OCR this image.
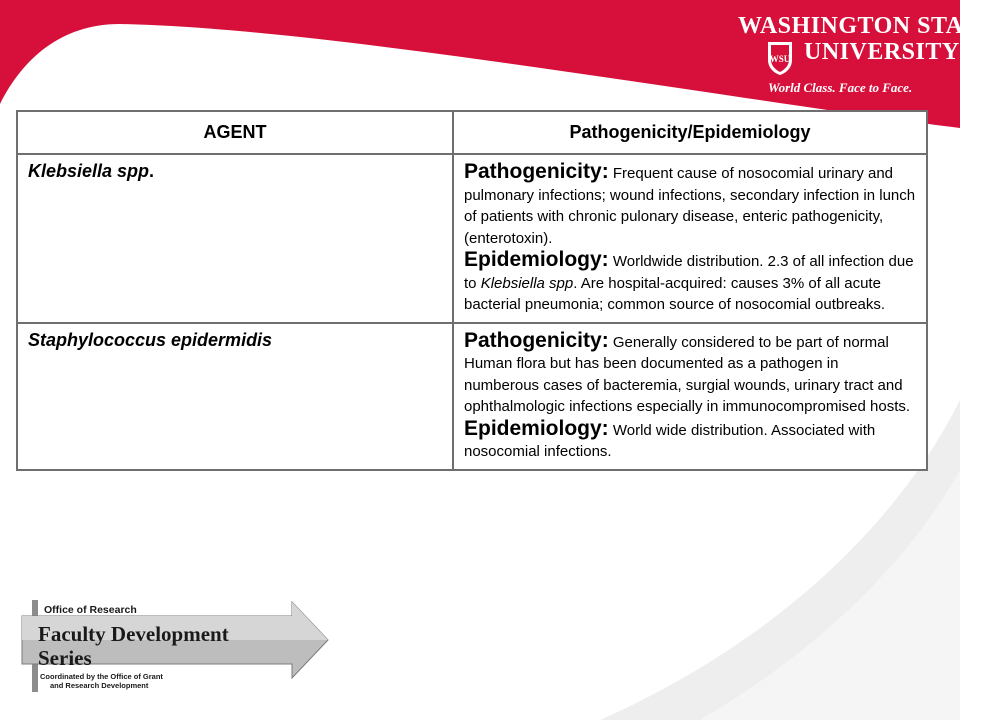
WASHINGTON STATE
UNIVERSITY
WSU
World Class. Face to Face.
AGENT	Pathogenicity/Epidemiology
Klebsiella spp.	Pathogenicity: Frequent cause of nosocomial urinary and pulmonary infections; wound infections, secondary infection in lunch of patients with chronic pulonary disease, enteric pathogenicity, (enterotoxin).

Epidemiology: Worldwide distribution. 2.3 of all infection due to Klebsiella spp. Are hospital-acquired: causes 3% of all acute bacterial pneumonia; common source of nosocomial outbreaks.

Staphylococcus epidermidis	Pathogenicity: Generally considered to be part of normal Human flora but has been documented as a pathogen in numberous cases of bacteremia, surgial wounds, urinary tract and ophthalmologic infections especially in immunocompromised hosts.

Epidemiology: World wide distribution. Associated with nosocomial infections.

Office of Research
Faculty Development
Series
Coordinated by the Office of Grant
and Research Development
